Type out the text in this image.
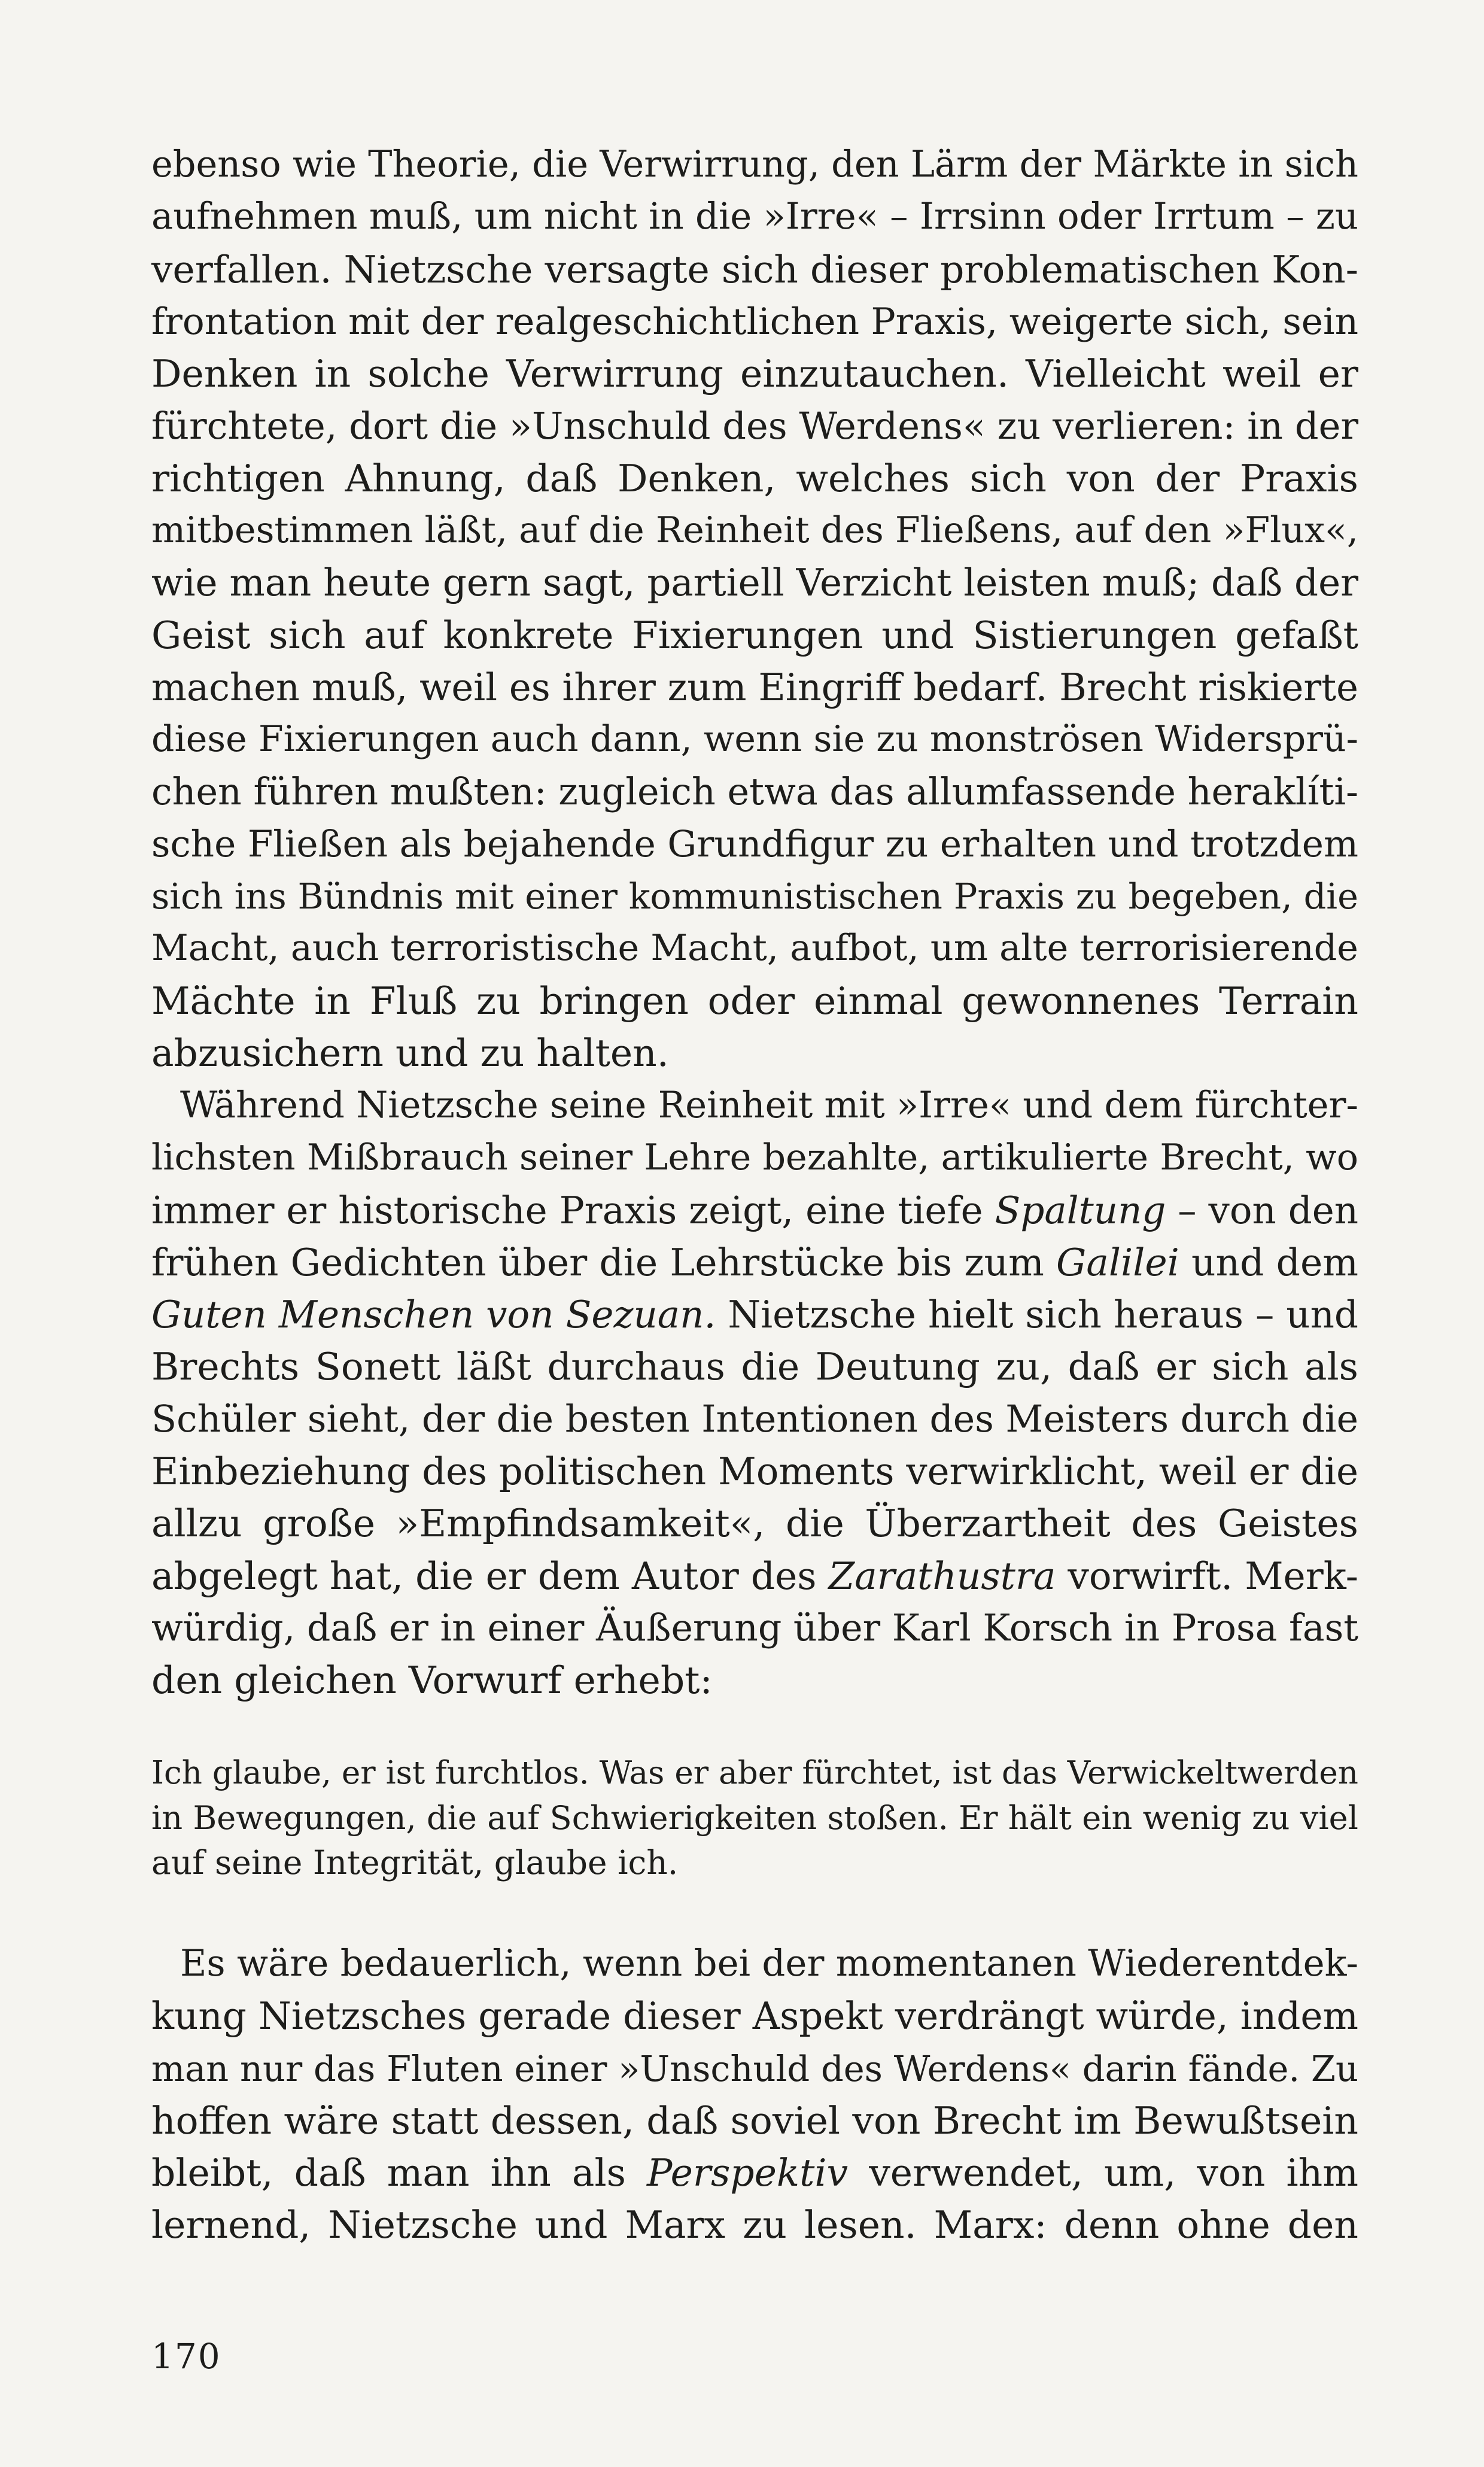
ebenso wie Theorie, die Verwirrung, den Lärm der Märkte in sich
aufnehmen muß, um nicht in die »Irre« – Irrsinn oder Irrtum – zu
verfallen. Nietzsche versagte sich dieser problematischen Kon-
frontation mit der realgeschichtlichen Praxis, weigerte sich, sein
Denken in solche Verwirrung einzutauchen. Vielleicht weil er
fürchtete, dort die »Unschuld des Werdens« zu verlieren: in der
richtigen Ahnung, daß Denken, welches sich von der Praxis
mitbestimmen läßt, auf die Reinheit des Fließens, auf den »Flux«,
wie man heute gern sagt, partiell Verzicht leisten muß; daß der
Geist sich auf konkrete Fixierungen und Sistierungen gefaßt
machen muß, weil es ihrer zum Eingriff bedarf. Brecht riskierte
diese Fixierungen auch dann, wenn sie zu monströsen Widersprü-
chen führen mußten: zugleich etwa das allumfassende heraklíti-
sche Fließen als bejahende Grundfigur zu erhalten und trotzdem
sich ins Bündnis mit einer kommunistischen Praxis zu begeben, die
Macht, auch terroristische Macht, aufbot, um alte terrorisierende
Mächte in Fluß zu bringen oder einmal gewonnenes Terrain
abzusichern und zu halten.
Während Nietzsche seine Reinheit mit »Irre« und dem fürchter-
lichsten Mißbrauch seiner Lehre bezahlte, artikulierte Brecht, wo
immer er historische Praxis zeigt, eine tiefe Spaltung – von den
frühen Gedichten über die Lehrstücke bis zum Galilei und dem
Guten Menschen von Sezuan. Nietzsche hielt sich heraus – und
Brechts Sonett läßt durchaus die Deutung zu, daß er sich als
Schüler sieht, der die besten Intentionen des Meisters durch die
Einbeziehung des politischen Moments verwirklicht, weil er die
allzu große »Empfindsamkeit«, die Überzartheit des Geistes
abgelegt hat, die er dem Autor des Zarathustra vorwirft. Merk-
würdig, daß er in einer Äußerung über Karl Korsch in Prosa fast
den gleichen Vorwurf erhebt:
Ich glaube, er ist furchtlos. Was er aber fürchtet, ist das Verwickeltwerden
in Bewegungen, die auf Schwierigkeiten stoßen. Er hält ein wenig zu viel
auf seine Integrität, glaube ich.
Es wäre bedauerlich, wenn bei der momentanen Wiederentdek-
kung Nietzsches gerade dieser Aspekt verdrängt würde, indem
man nur das Fluten einer »Unschuld des Werdens« darin fände. Zu
hoffen wäre statt dessen, daß soviel von Brecht im Bewußtsein
bleibt, daß man ihn als Perspektiv verwendet, um, von ihm
lernend, Nietzsche und Marx zu lesen. Marx: denn ohne den
170
